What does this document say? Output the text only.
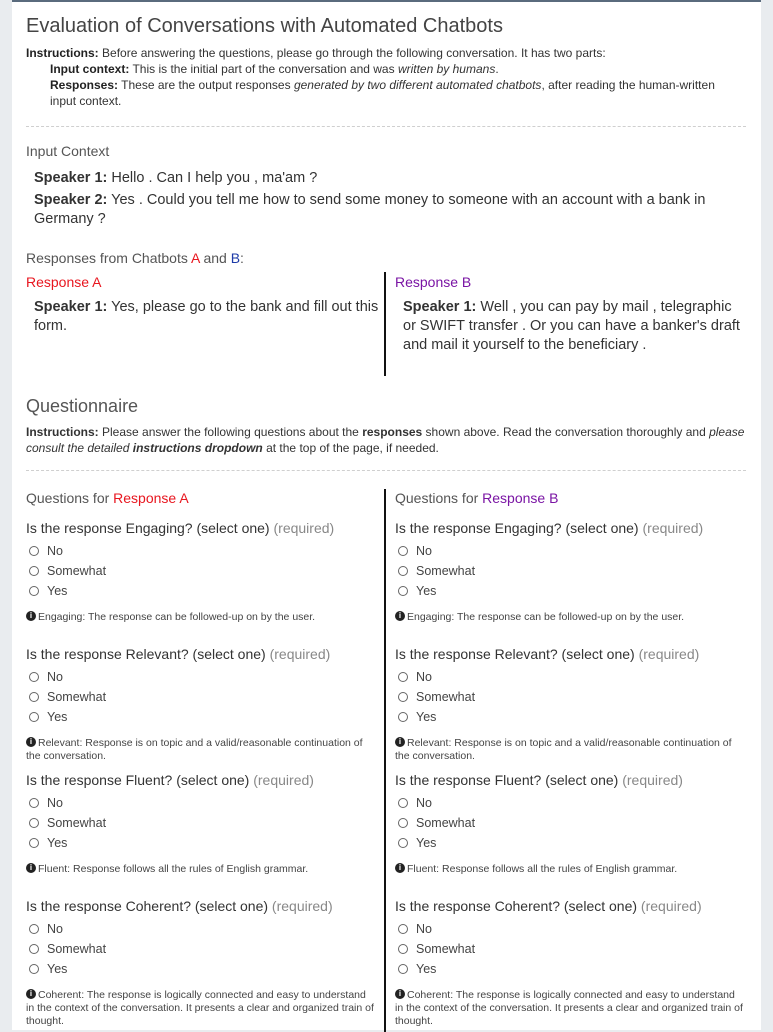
Evaluation of Conversations with Automated Chatbots
Instructions: Before answering the questions, please go through the following conversation. It has two parts:
Input context: This is the initial part of the conversation and was written by humans.
Responses: These are the output responses generated by two different automated chatbots, after reading the human-written input context.
Input Context
Speaker 1: Hello . Can I help you , ma'am ?
Speaker 2: Yes . Could you tell me how to send some money to someone with an account with a bank in Germany ?
Responses from Chatbots A and B:
Response A	Response B
Speaker 1: Yes, please go to the bank and fill out this form.
Speaker 1: Well , you can pay by mail , telegraphic or SWIFT transfer . Or you can have a banker's draft and mail it yourself to the beneficiary .
Questionnaire
Instructions: Please answer the following questions about the responses shown above. Read the conversation thoroughly and please consult the detailed instructions dropdown at the top of the page, if needed.
Questions for Response A	Questions for Response B
Is the response Engaging? (select one) (required)
No
Somewhat
Yes
i Engaging: The response can be followed-up on by the user.
Is the response Engaging? (select one) (required)
No
Somewhat
Yes
i Engaging: The response can be followed-up on by the user.
Is the response Relevant? (select one) (required)
No
Somewhat
Yes
i Relevant: Response is on topic and a valid/reasonable continuation of the conversation.
Is the response Relevant? (select one) (required)
No
Somewhat
Yes
i Relevant: Response is on topic and a valid/reasonable continuation of the conversation.
Is the response Fluent? (select one) (required)
No
Somewhat
Yes
i Fluent: Response follows all the rules of English grammar.
Is the response Fluent? (select one) (required)
No
Somewhat
Yes
i Fluent: Response follows all the rules of English grammar.
Is the response Coherent? (select one) (required)
No
Somewhat
Yes
i Coherent: The response is logically connected and easy to understand in the context of the conversation. It presents a clear and organized train of thought.
Is the response Coherent? (select one) (required)
No
Somewhat
Yes
i Coherent: The response is logically connected and easy to understand in the context of the conversation. It presents a clear and organized train of thought.
